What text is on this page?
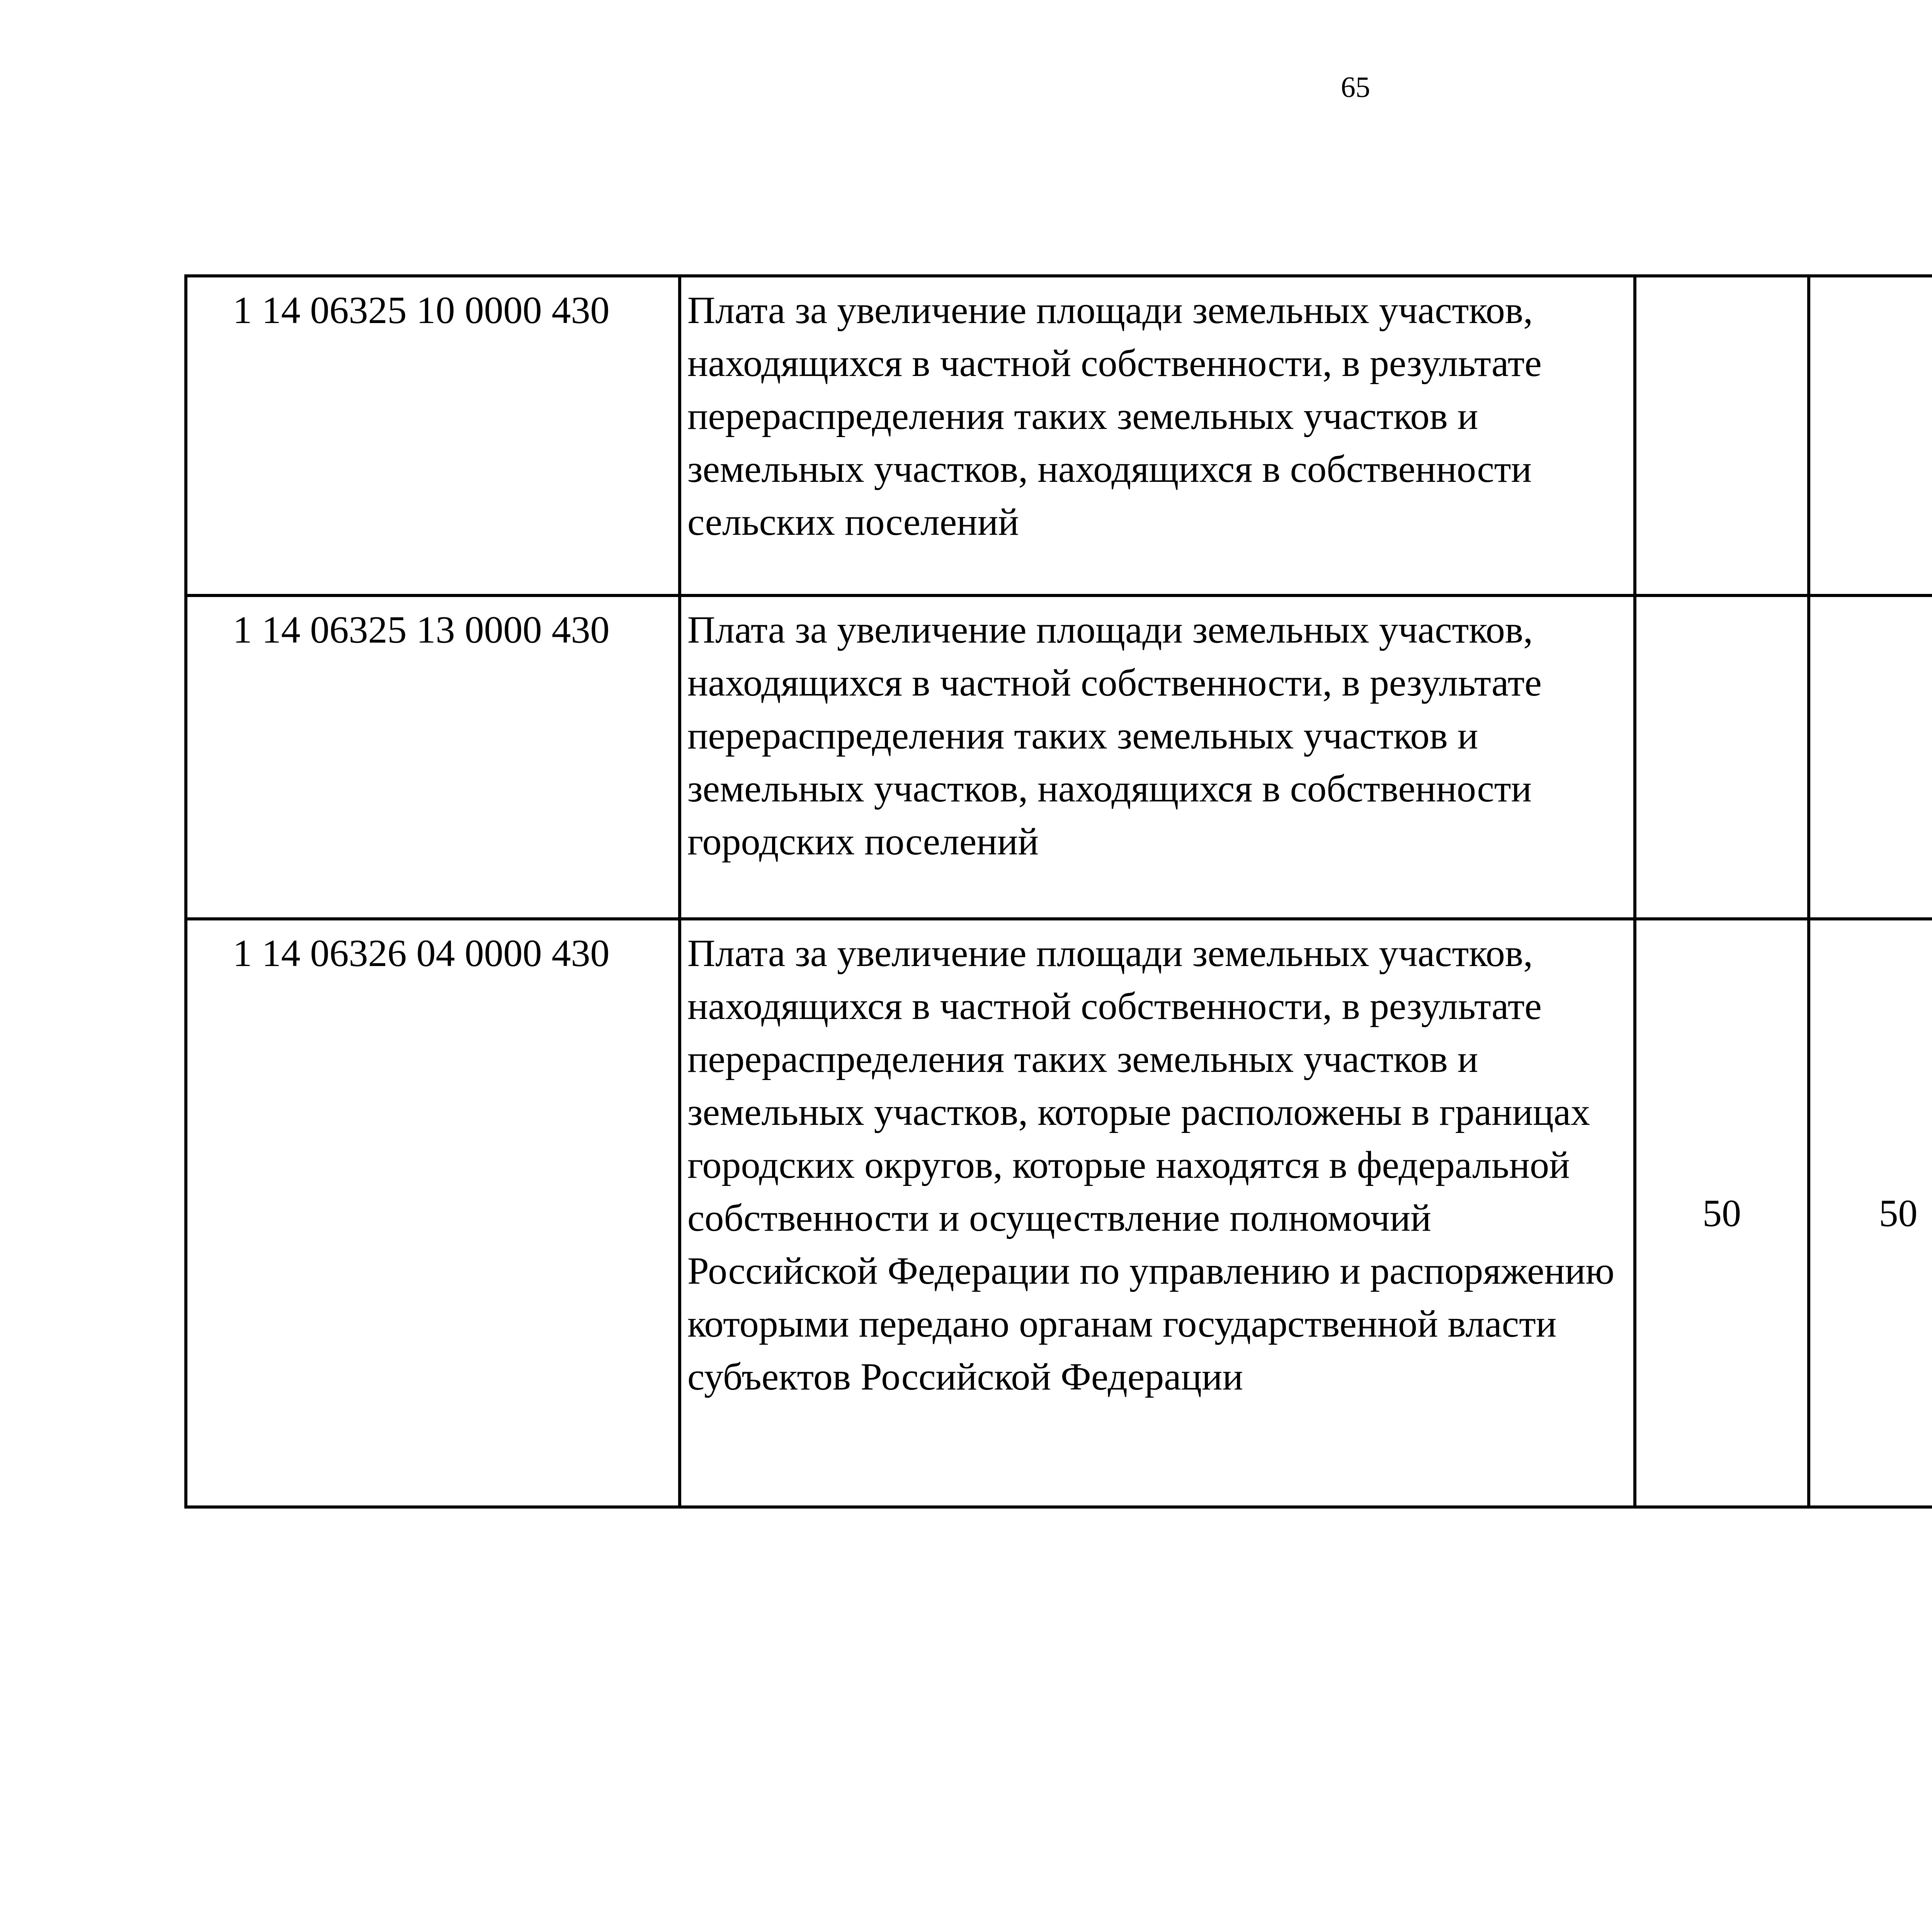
65
1 14 06325 10 0000 430	Плата за увеличение площади земельных участков, находящихся в частной собственности, в результате перераспределения таких земельных участков и земельных участков, находящихся в собственности сельских поселений					
1 14 06325 13 0000 430	Плата за увеличение площади земельных участков, находящихся в частной собственности, в результате перераспределения таких земельных участков и земельных участков, находящихся в собственности городских поселений					
1 14 06326 04 0000 430	Плата за увеличение площади земельных участков, находящихся в частной собственности, в результате перераспределения таких земельных участков и земельных участков, которые расположены в границах городских округов, которые находятся в федеральной собственности и осуществление полномочий Российской Федерации по управлению и распоряжению которыми передано органам государственной власти субъектов Российской Федерации	50	50			
